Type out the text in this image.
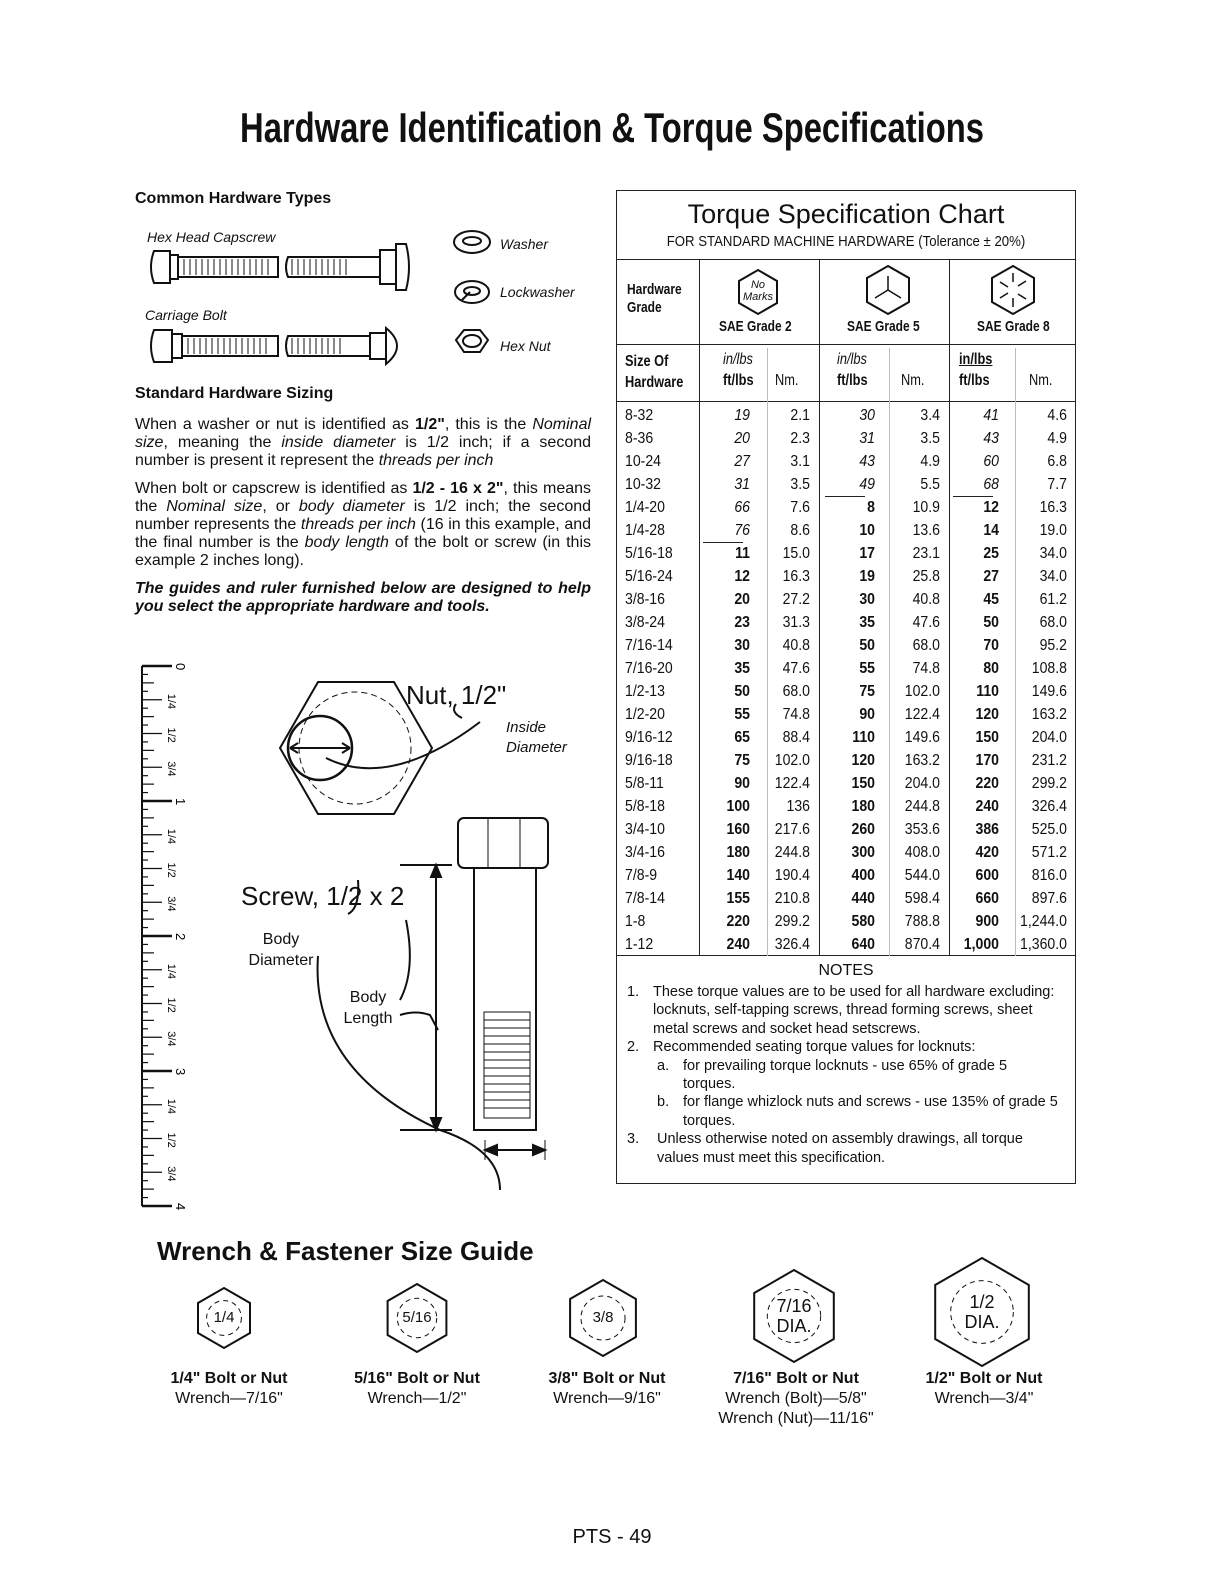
Hardware Identification & Torque Specifications
Common Hardware Types
Hex Head Capscrew
Carriage Bolt
Washer
Lockwasher
Hex Nut
Standard Hardware Sizing

When a washer or nut is identified as 1/2", this is the Nominal size, meaning the inside diameter is 1/2 inch; if a second number is present it represent the threads per inch

When bolt or capscrew is identified as 1/2 - 16 x 2", this means the Nominal size, or body diameter is 1/2 inch; the second number represents the threads per inch (16 in this example, and the final number is the body length of the bolt or screw (in this example 2 inches long).

The guides and ruler furnished below are designed to help you select the appropriate hardware and tools.

0
1/4
1/2
3/4
1
1/4
1/2
3/4
2
1/4
1/2
3/4
3
1/4
1/2
3/4
4
Nut, 1/2"
Inside
Diameter
Screw, 1/2 x 2
Body
Diameter
Body
Length
Torque Specification Chart
FOR STANDARD MACHINE HARDWARE (Tolerance ± 20%)
Hardware
Grade
No
Marks
SAE Grade 2	SAE Grade 5	SAE Grade 8
Size Of
Hardware
in/lbs
ft/lbs Nm.
in/lbs
ft/lbs Nm.
in/lbs
ft/lbs Nm.
8-32	19	2.1	30	3.4	41	4.6
8-36	20	2.3	31	3.5	43	4.9
10-24	27	3.1	43	4.9	60	6.8
10-32	31	3.5	49	5.5	68	7.7
1/4-20	66	7.6	8	10.9	12	16.3
1/4-28	76	8.6	10	13.6	14	19.0
5/16-18	11	15.0	17	23.1	25	34.0
5/16-24	12	16.3	19	25.8	27	34.0
3/8-16	20	27.2	30	40.8	45	61.2
3/8-24	23	31.3	35	47.6	50	68.0
7/16-14	30	40.8	50	68.0	70	95.2
7/16-20	35	47.6	55	74.8	80	108.8
1/2-13	50	68.0	75	102.0	110	149.6
1/2-20	55	74.8	90	122.4	120	163.2
9/16-12	65	88.4	110	149.6	150	204.0
9/16-18	75	102.0	120	163.2	170	231.2
5/8-11	90	122.4	150	204.0	220	299.2
5/8-18	100	136	180	244.8	240	326.4
3/4-10	160	217.6	260	353.6	386	525.0
3/4-16	180	244.8	300	408.0	420	571.2
7/8-9	140	190.4	400	544.0	600	816.0
7/8-14	155	210.8	440	598.4	660	897.6
1-8	220	299.2	580	788.8	900	1,244.0
1-12	240	326.4	640	870.4 1,000	1,360.0
NOTES
1. These torque values are to be used for all hardware excluding: locknuts, self-tapping screws, thread forming screws, sheet metal screws and socket head setscrews.
2. Recommended seating torque values for locknuts:
a. for prevailing torque locknuts - use 65% of grade 5 torques.
b. for flange whizlock nuts and screws - use 135% of grade 5 torques.
3.	Unless otherwise noted on assembly drawings, all torque values must meet this specification.
Wrench & Fastener Size Guide
1/4
1/4" Bolt or Nut
Wrench—7/16"
5/16
5/16" Bolt or Nut
Wrench—1/2"
3/8
3/8" Bolt or Nut
Wrench—9/16"
7/16
DIA.
7/16" Bolt or Nut
Wrench (Bolt)—5/8"
Wrench (Nut)—11/16"
1/2
DIA.
1/2" Bolt or Nut
Wrench—3/4"
PTS - 49
